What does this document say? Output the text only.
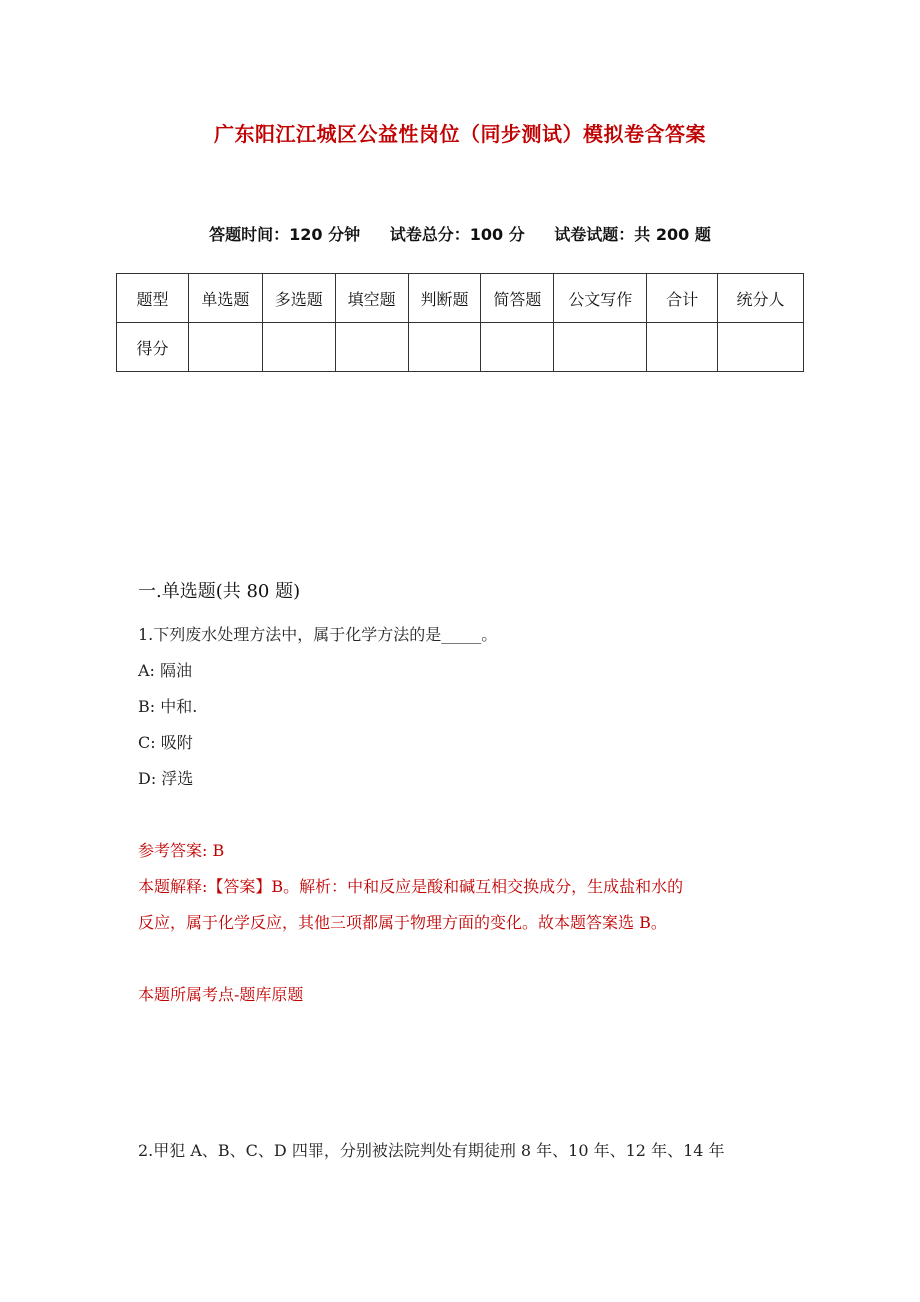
广东阳江江城区公益性岗位（同步测试）模拟卷含答案
答题时间：120 分钟 试卷总分：100 分 试卷试题：共 200 题
题型	单选题	多选题	填空题	判断题	简答题	公文写作	合计	统分人
得分								
一.单选题(共 80 题)
1.下列废水处理方法中，属于化学方法的是_____。
A: 隔油
B: 中和.
C: 吸附
D: 浮选
参考答案: B
本题解释:【答案】B。解析：中和反应是酸和碱互相交换成分，生成盐和水的
反应，属于化学反应，其他三项都属于物理方面的变化。故本题答案选 B。
本题所属考点-题库原题
2.甲犯 A、B、C、D 四罪，分别被法院判处有期徒刑 8 年、10 年、12 年、14 年
